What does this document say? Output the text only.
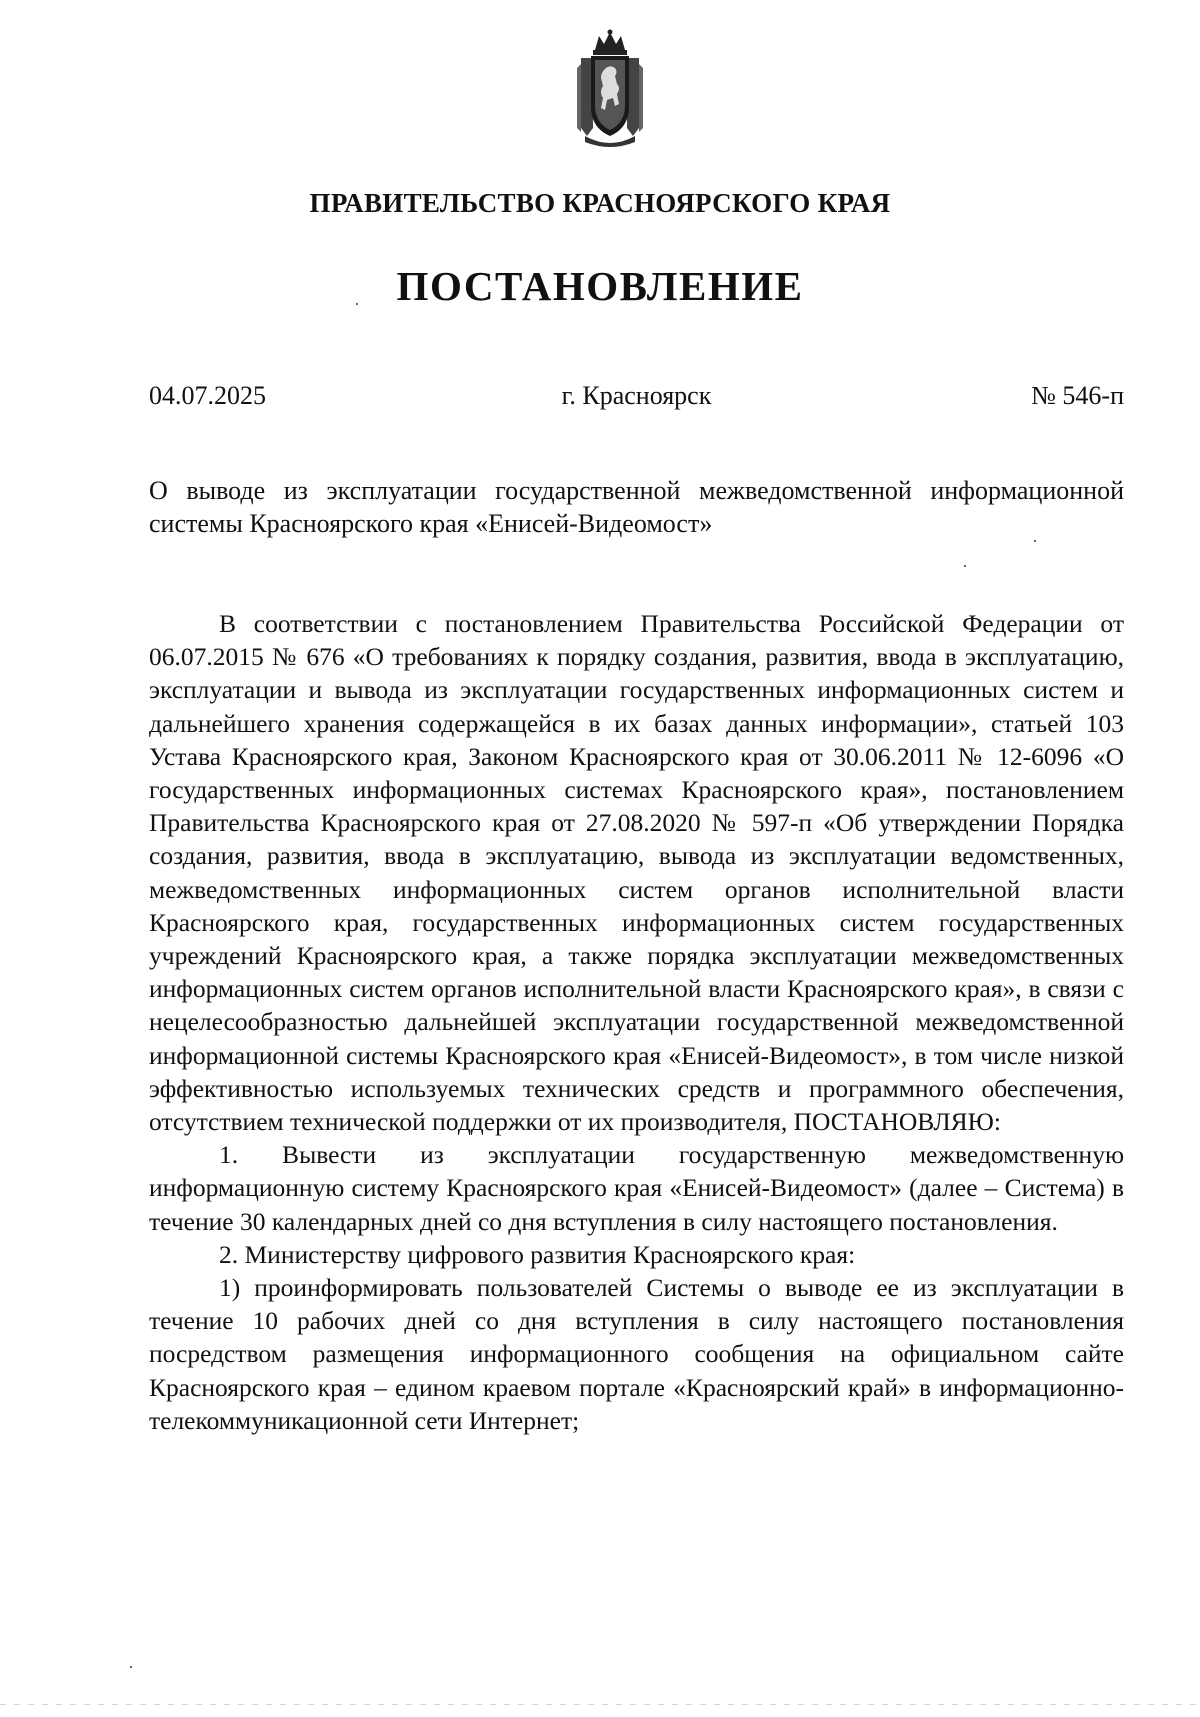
ПРАВИТЕЛЬСТВО КРАСНОЯРСКОГО КРАЯ
ПОСТАНОВЛЕНИЕ
04.07.2025	г. Красноярск	№ 546-п
О выводе из эксплуатации государственной межведомственной информационной системы Красноярского края «Енисей-Видеомост»

В соответствии с постановлением Правительства Российской Федерации от 06.07.2015 № 676 «О требованиях к порядку создания, развития, ввода в эксплуатацию, эксплуатации и вывода из эксплуатации государственных информационных систем и дальнейшего хранения содержащейся в их базах данных информации», статьей 103 Устава Красноярского края, Законом Красноярского края от 30.06.2011 № 12-6096 «О государственных информационных системах Красноярского края», постановлением Правительства Красноярского края от 27.08.2020 № 597-п «Об утверждении Порядка создания, развития, ввода в эксплуатацию, вывода из эксплуатации ведомственных, межведомственных информационных систем органов исполнительной власти Красноярского края, государственных информационных систем государственных учреждений Красноярского края, а также порядка эксплуатации межведомственных информационных систем органов исполнительной власти Красноярского края», в связи с нецелесообразностью дальнейшей эксплуатации государственной межведомственной информационной системы Красноярского края «Енисей-Видеомост», в том числе низкой эффективностью используемых технических средств и программного обеспечения, отсутствием технической поддержки от их производителя, ПОСТАНОВЛЯЮ:

1. Вывести из эксплуатации государственную межведомственную информационную систему Красноярского края «Енисей-Видеомост» (далее – Система) в течение 30 календарных дней со дня вступления в силу настоящего постановления.

2. Министерству цифрового развития Красноярского края:

1) проинформировать пользователей Системы о выводе ее из эксплуатации в течение 10 рабочих дней со дня вступления в силу настоящего постановления посредством размещения информационного сообщения на официальном сайте Красноярского края – едином краевом портале «Красноярский край» в информационно-телекоммуникационной сети Интернет;
